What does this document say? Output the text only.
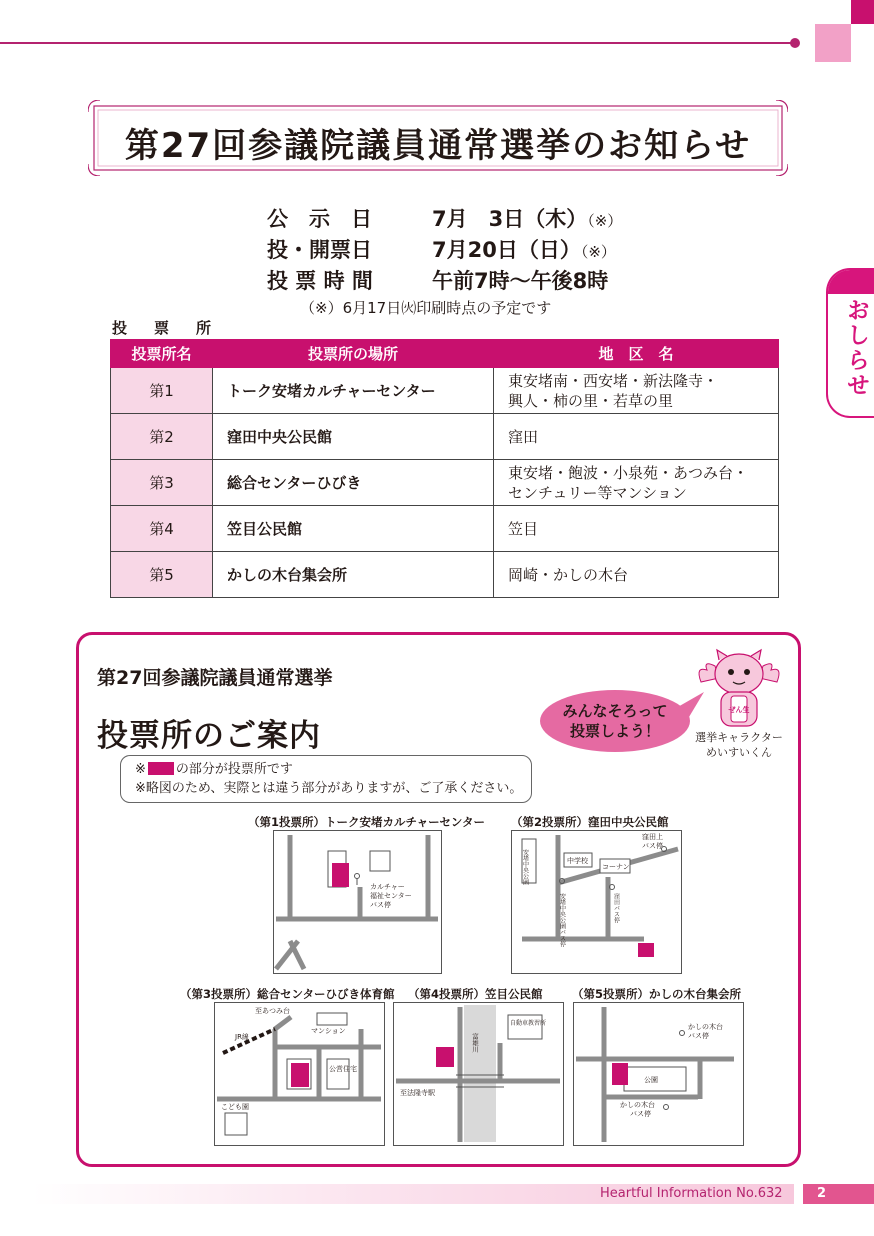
おしらせ
第27回参議院議員通常選挙のお知らせ
公　示　日	7月　3日（木）（※）
投・開票日	7月20日（日）（※）
投 票 時 間	午前7時〜午後8時
（※）6月17日㈫印刷時点の予定です
投　票　所
投票所名	投票所の場所	地　区　名
第1	トーク安堵カルチャーセンター	東安堵南・西安堵・新法隆寺・
興人・柿の里・若草の里

第2	窪田中央公民館	窪田

第3	総合センターひびき	東安堵・飽波・小泉苑・あつみ台・
センチュリー等マンション

第4	笠目公民館	笠目

第5	かしの木台集会所	岡崎・かしの木台
第27回参議院議員通常選挙
投票所のご案内
みんなそろって
投票しよう！
ぜん生
選挙キャラクター
めいすいくん
※ の部分が投票所です
※略図のため、実際とは違う部分がありますが、ご了承ください。
（第1投票所）トーク安堵カルチャーセンター
カルチャー
福祉センター
バス停
（第2投票所）窪田中央公民館
安堵中央公園	中学校
コーナン
窪田上
バス停
安堵中央公園バス停	窪田バス停
（第3投票所）総合センターひびき体育館
JR線
至あつみ台
マンション
公営住宅
こども園
（第4投票所）笠目公民館
富雄川
自動車教習所
至法隆寺駅
（第5投票所）かしの木台集会所
公園
かしの木台
バス停
かしの木台
バス停
Heartful Information No.632	2
